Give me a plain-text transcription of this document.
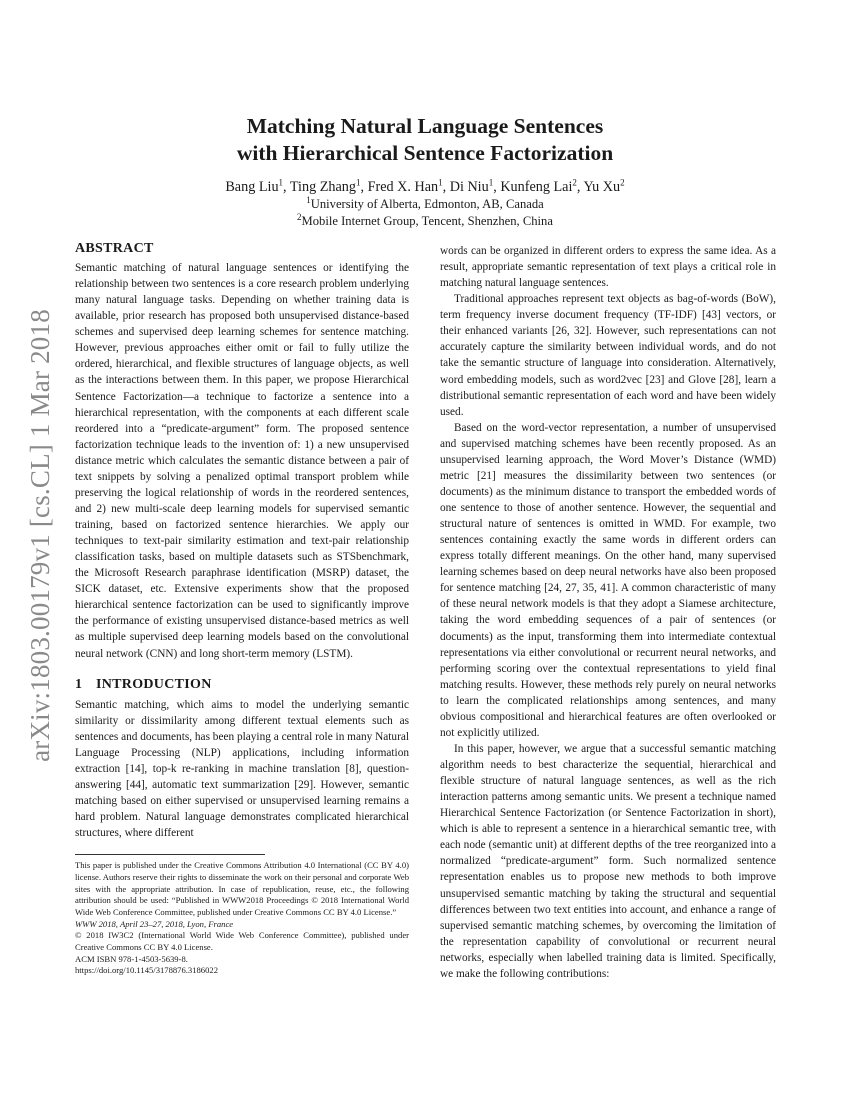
arXiv:1803.00179v1 [cs.CL] 1 Mar 2018
Matching Natural Language Sentences
with Hierarchical Sentence Factorization
Bang Liu$^1$, Ting Zhang$^1$, Fred X. Han$^1$, Di Niu$^1$, Kunfeng Lai$^2$, Yu Xu$^2$
$^1$University of Alberta, Edmonton, AB, Canada
$^2$Mobile Internet Group, Tencent, Shenzhen, China
ABSTRACT

Semantic matching of natural language sentences or identifying the relationship between two sentences is a core research problem underlying many natural language tasks. Depending on whether training data is available, prior research has proposed both unsupervised distance-based schemes and supervised deep learning schemes for sentence matching. However, previous approaches either omit or fail to fully utilize the ordered, hierarchical, and flexible structures of language objects, as well as the interactions between them. In this paper, we propose Hierarchical Sentence Factorization—a technique to factorize a sentence into a hierarchical representation, with the components at each different scale reordered into a “predicate-argument” form. The proposed sentence factorization technique leads to the invention of: 1) a new unsupervised distance metric which calculates the semantic distance between a pair of text snippets by solving a penalized optimal transport problem while preserving the logical relationship of words in the reordered sentences, and 2) new multi-scale deep learning models for supervised semantic training, based on factorized sentence hierarchies. We apply our techniques to text-pair similarity estimation and text-pair relationship classification tasks, based on multiple datasets such as STSbenchmark, the Microsoft Research paraphrase identification (MSRP) dataset, the SICK dataset, etc. Extensive experiments show that the proposed hierarchical sentence factorization can be used to significantly improve the performance of existing unsupervised distance-based metrics as well as multiple supervised deep learning models based on the convolutional neural network (CNN) and long short-term memory (LSTM).

1 INTRODUCTION

Semantic matching, which aims to model the underlying semantic similarity or dissimilarity among different textual elements such as sentences and documents, has been playing a central role in many Natural Language Processing (NLP) applications, including information extraction [14], top-k re-ranking in machine translation [8], question-answering [44], automatic text summarization [29]. However, semantic matching based on either supervised or unsupervised learning remains a hard problem. Natural language demonstrates complicated hierarchical structures, where different

This paper is published under the Creative Commons Attribution 4.0 International (CC BY 4.0) license. Authors reserve their rights to disseminate the work on their personal and corporate Web sites with the appropriate attribution. In case of republication, reuse, etc., the following attribution should be used: “Published in WWW2018 Proceedings © 2018 International World Wide Web Conference Committee, published under Creative Commons CC BY 4.0 License.”

WWW 2018, April 23–27, 2018, Lyon, France

© 2018 IW3C2 (International World Wide Web Conference Committee), published under Creative Commons CC BY 4.0 License.

ACM ISBN 978-1-4503-5639-8.

https://doi.org/10.1145/3178876.3186022

words can be organized in different orders to express the same idea. As a result, appropriate semantic representation of text plays a critical role in matching natural language sentences.

Traditional approaches represent text objects as bag-of-words (BoW), term frequency inverse document frequency (TF-IDF) [43] vectors, or their enhanced variants [26, 32]. However, such representations can not accurately capture the similarity between individual words, and do not take the semantic structure of language into consideration. Alternatively, word embedding models, such as word2vec [23] and Glove [28], learn a distributional semantic representation of each word and have been widely used.

Based on the word-vector representation, a number of unsupervised and supervised matching schemes have been recently proposed. As an unsupervised learning approach, the Word Mover’s Distance (WMD) metric [21] measures the dissimilarity between two sentences (or documents) as the minimum distance to transport the embedded words of one sentence to those of another sentence. However, the sequential and structural nature of sentences is omitted in WMD. For example, two sentences containing exactly the same words in different orders can express totally different meanings. On the other hand, many supervised learning schemes based on deep neural networks have also been proposed for sentence matching [24, 27, 35, 41]. A common characteristic of many of these neural network models is that they adopt a Siamese architecture, taking the word embedding sequences of a pair of sentences (or documents) as the input, transforming them into intermediate contextual representations via either convolutional or recurrent neural networks, and performing scoring over the contextual representations to yield final matching results. However, these methods rely purely on neural networks to learn the complicated relationships among sentences, and many obvious compositional and hierarchical features are often overlooked or not explicitly utilized.

In this paper, however, we argue that a successful semantic matching algorithm needs to best characterize the sequential, hierarchical and flexible structure of natural language sentences, as well as the rich interaction patterns among semantic units. We present a technique named Hierarchical Sentence Factorization (or Sentence Factorization in short), which is able to represent a sentence in a hierarchical semantic tree, with each node (semantic unit) at different depths of the tree reorganized into a normalized “predicate-argument” form. Such normalized sentence representation enables us to propose new methods to both improve unsupervised semantic matching by taking the structural and sequential differences between two text entities into account, and enhance a range of supervised semantic matching schemes, by overcoming the limitation of the representation capability of convolutional or recurrent neural networks, especially when labelled training data is limited. Specifically, we make the following contributions:
